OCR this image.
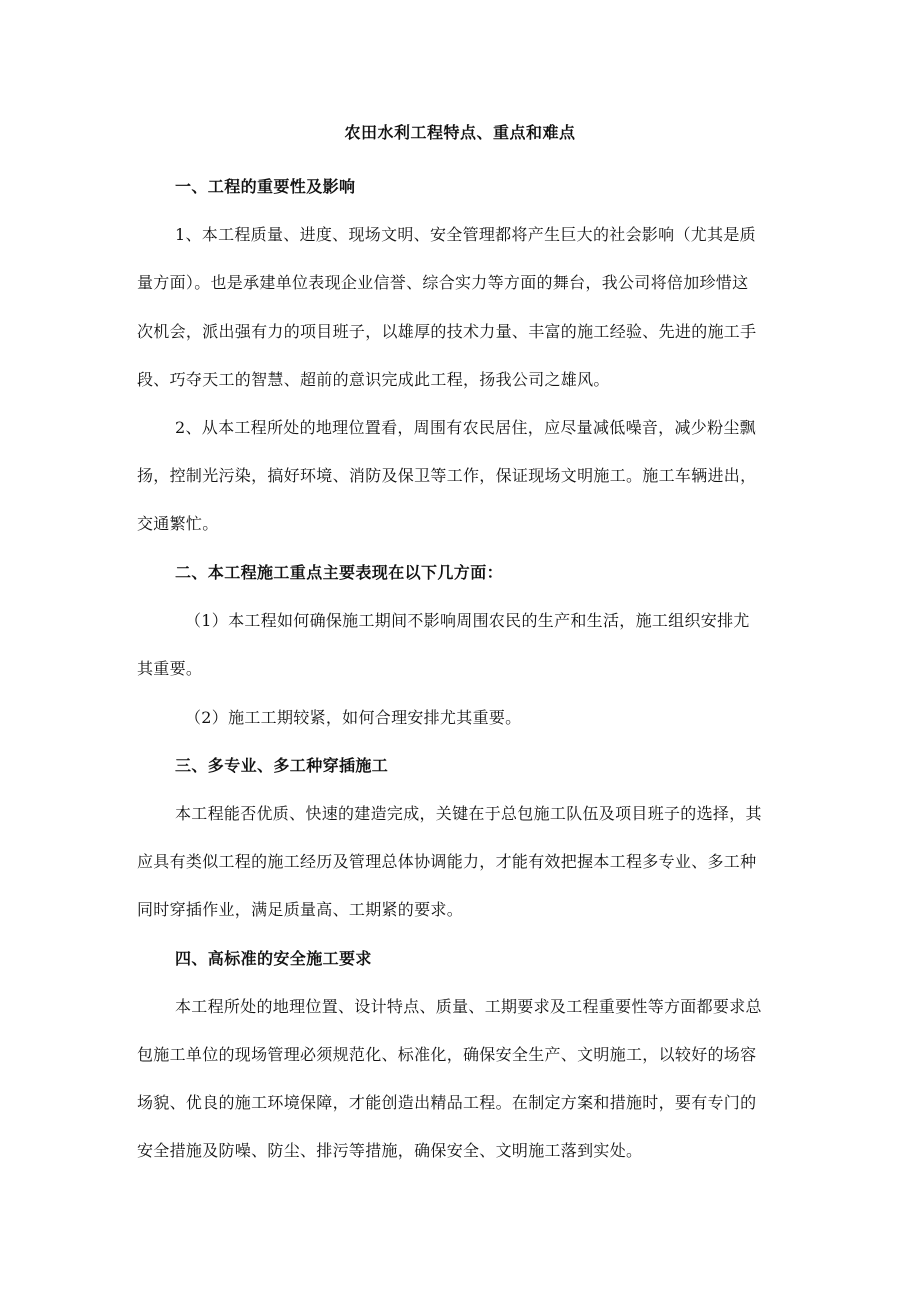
农田水利工程特点、重点和难点
一、工程的重要性及影响
1、本工程质量、进度、现场文明、安全管理都将产生巨大的社会影响（尤其是质
量方面）。也是承建单位表现企业信誉、综合实力等方面的舞台，我公司将倍加珍惜这
次机会，派出强有力的项目班子，以雄厚的技术力量、丰富的施工经验、先进的施工手
段、巧夺天工的智慧、超前的意识完成此工程，扬我公司之雄风。
2、从本工程所处的地理位置看，周围有农民居住，应尽量减低噪音，减少粉尘飘
扬，控制光污染，搞好环境、消防及保卫等工作，保证现场文明施工。施工车辆进出，
交通繁忙。
二、本工程施工重点主要表现在以下几方面：
（1）本工程如何确保施工期间不影响周围农民的生产和生活，施工组织安排尤
其重要。
（2）施工工期较紧，如何合理安排尤其重要。
三、多专业、多工种穿插施工
本工程能否优质、快速的建造完成，关键在于总包施工队伍及项目班子的选择，其
应具有类似工程的施工经历及管理总体协调能力，才能有效把握本工程多专业、多工种
同时穿插作业，满足质量高、工期紧的要求。
四、高标准的安全施工要求
本工程所处的地理位置、设计特点、质量、工期要求及工程重要性等方面都要求总
包施工单位的现场管理必须规范化、标准化，确保安全生产、文明施工，以较好的场容
场貌、优良的施工环境保障，才能创造出精品工程。在制定方案和措施时，要有专门的
安全措施及防噪、防尘、排污等措施，确保安全、文明施工落到实处。
